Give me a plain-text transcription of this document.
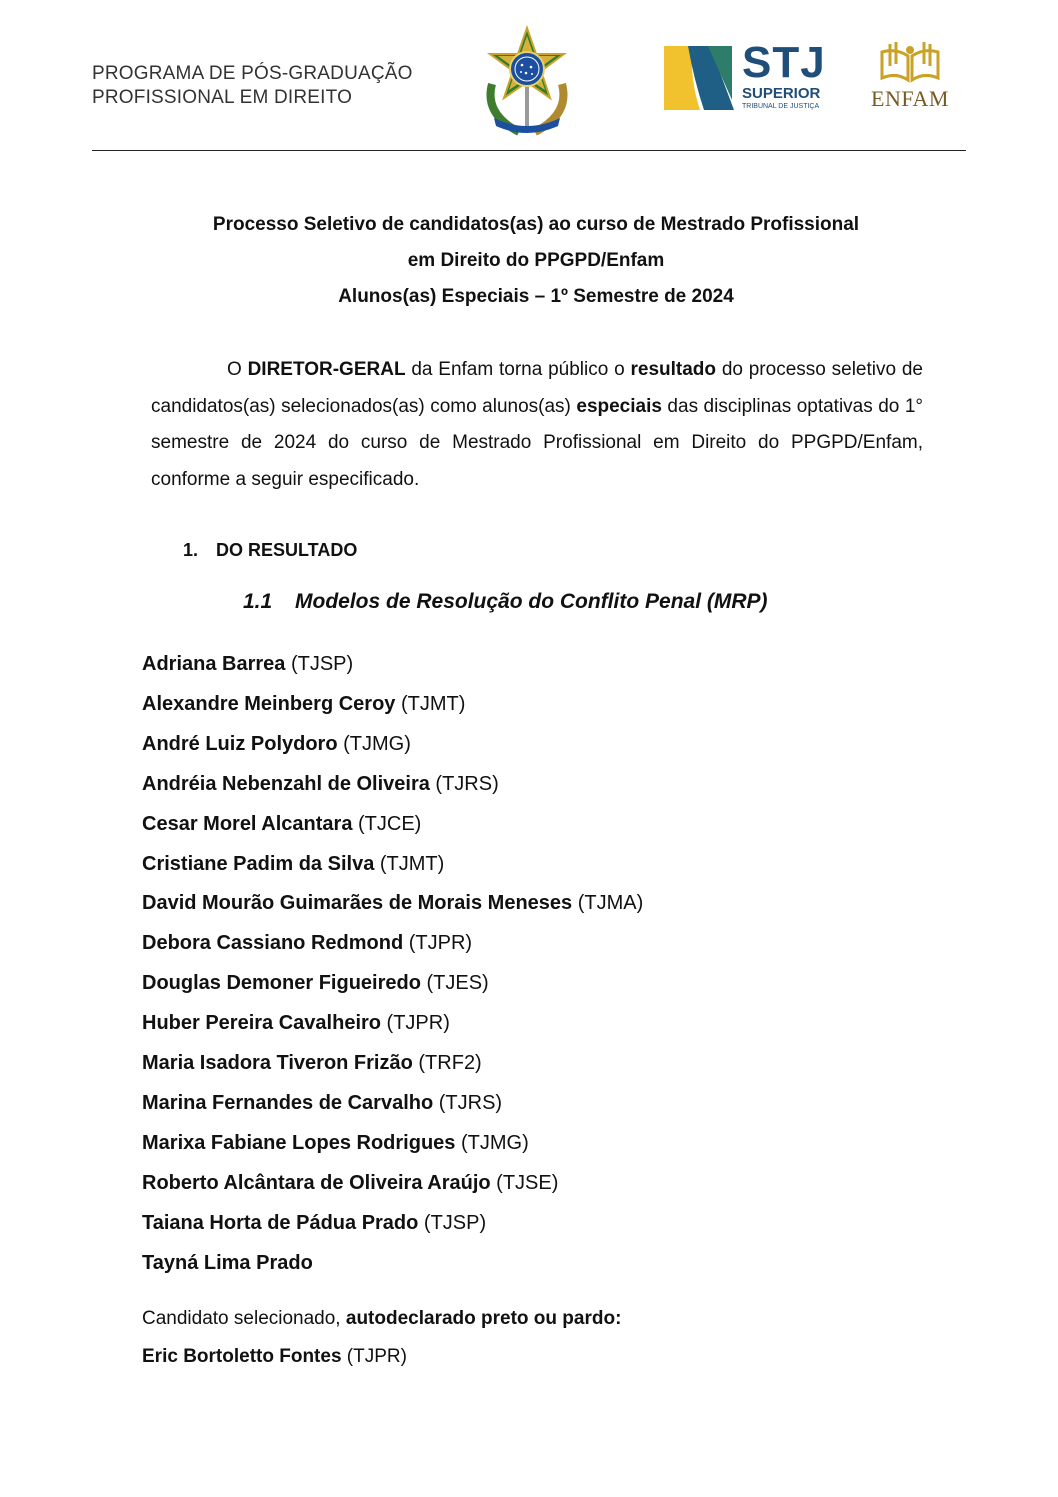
PROGRAMA DE PÓS-GRADUAÇÃO
PROFISSIONAL EM DIREITO
STJ
SUPERIOR
TRIBUNAL DE JUSTIÇA	ENFAM
Processo Seletivo de candidatos(as) ao curso de Mestrado Profissional
em Direito do PPGPD/Enfam
Alunos(as) Especiais – 1º Semestre de 2024
O DIRETOR-GERAL da Enfam torna público o resultado do processo seletivo de candidatos(as) selecionados(as) como alunos(as) especiais das disciplinas optativas do 1° semestre de 2024 do curso de Mestrado Profissional em Direito do PPGPD/Enfam, conforme a seguir especificado.
1. DO RESULTADO
1.1 Modelos de Resolução do Conflito Penal (MRP)
Adriana Barrea (TJSP)
Alexandre Meinberg Ceroy (TJMT)
André Luiz Polydoro (TJMG)
Andréia Nebenzahl de Oliveira (TJRS)
Cesar Morel Alcantara (TJCE)
Cristiane Padim da Silva (TJMT)
David Mourão Guimarães de Morais Meneses (TJMA)
Debora Cassiano Redmond (TJPR)
Douglas Demoner Figueiredo (TJES)
Huber Pereira Cavalheiro (TJPR)
Maria Isadora Tiveron Frizão (TRF2)
Marina Fernandes de Carvalho (TJRS)
Marixa Fabiane Lopes Rodrigues (TJMG)
Roberto Alcântara de Oliveira Araújo (TJSE)
Taiana Horta de Pádua Prado (TJSP)
Tayná Lima Prado
Candidato selecionado, autodeclarado preto ou pardo:
Eric Bortoletto Fontes (TJPR)
